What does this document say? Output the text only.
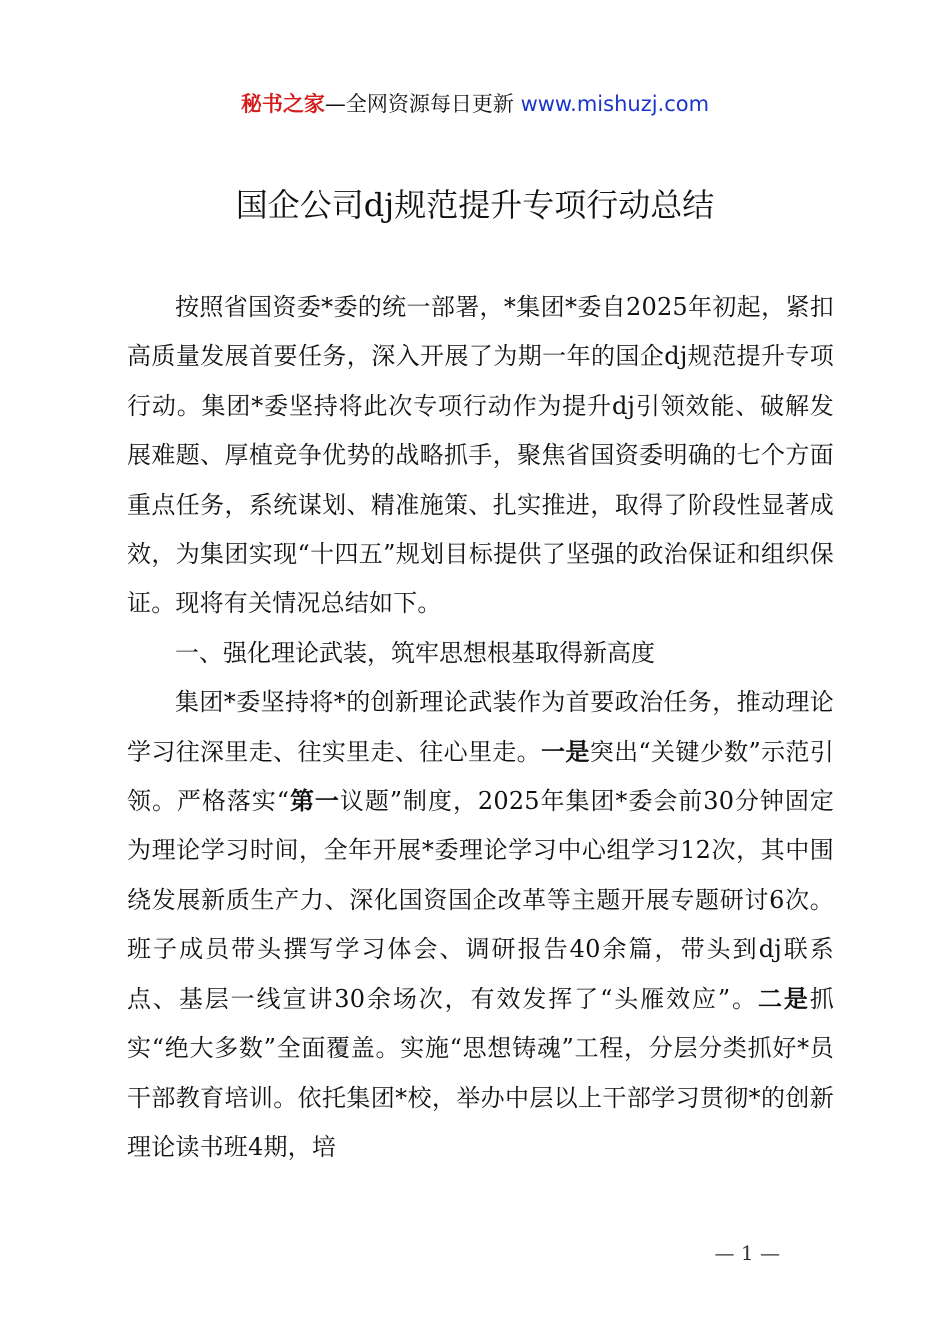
秘书之家—全网资源每日更新 www.mishuzj.com
国企公司dj规范提升专项行动总结

按照省国资委*委的统一部署，*集团*委自2025年初起，紧扣高质量发展首要任务，深入开展了为期一年的国企dj规范提升专项行动。集团*委坚持将此次专项行动作为提升dj引领效能、破解发展难题、厚植竞争优势的战略抓手，聚焦省国资委明确的七个方面重点任务，系统谋划、精准施策、扎实推进，取得了阶段性显著成效，为集团实现“十四五”规划目标提供了坚强的政治保证和组织保证。现将有关情况总结如下。

一、强化理论武装，筑牢思想根基取得新高度

集团*委坚持将*的创新理论武装作为首要政治任务，推动理论学习往深里走、往实里走、往心里走。一是突出“关键少数”示范引领。严格落实“第一议题”制度，2025年集团*委会前30分钟固定为理论学习时间，全年开展*委理论学习中心组学习12次，其中围绕发展新质生产力、深化国资国企改革等主题开展专题研讨6次。班子成员带头撰写学习体会、调研报告40余篇，带头到dj联系点、基层一线宣讲30余场次，有效发挥了“头雁效应”。二是抓实“绝大多数”全面覆盖。实施“思想铸魂”工程，分层分类抓好*员干部教育培训。依托集团*校，举办中层以上干部学习贯彻*的创新理论读书班4期，培

— 1 —
